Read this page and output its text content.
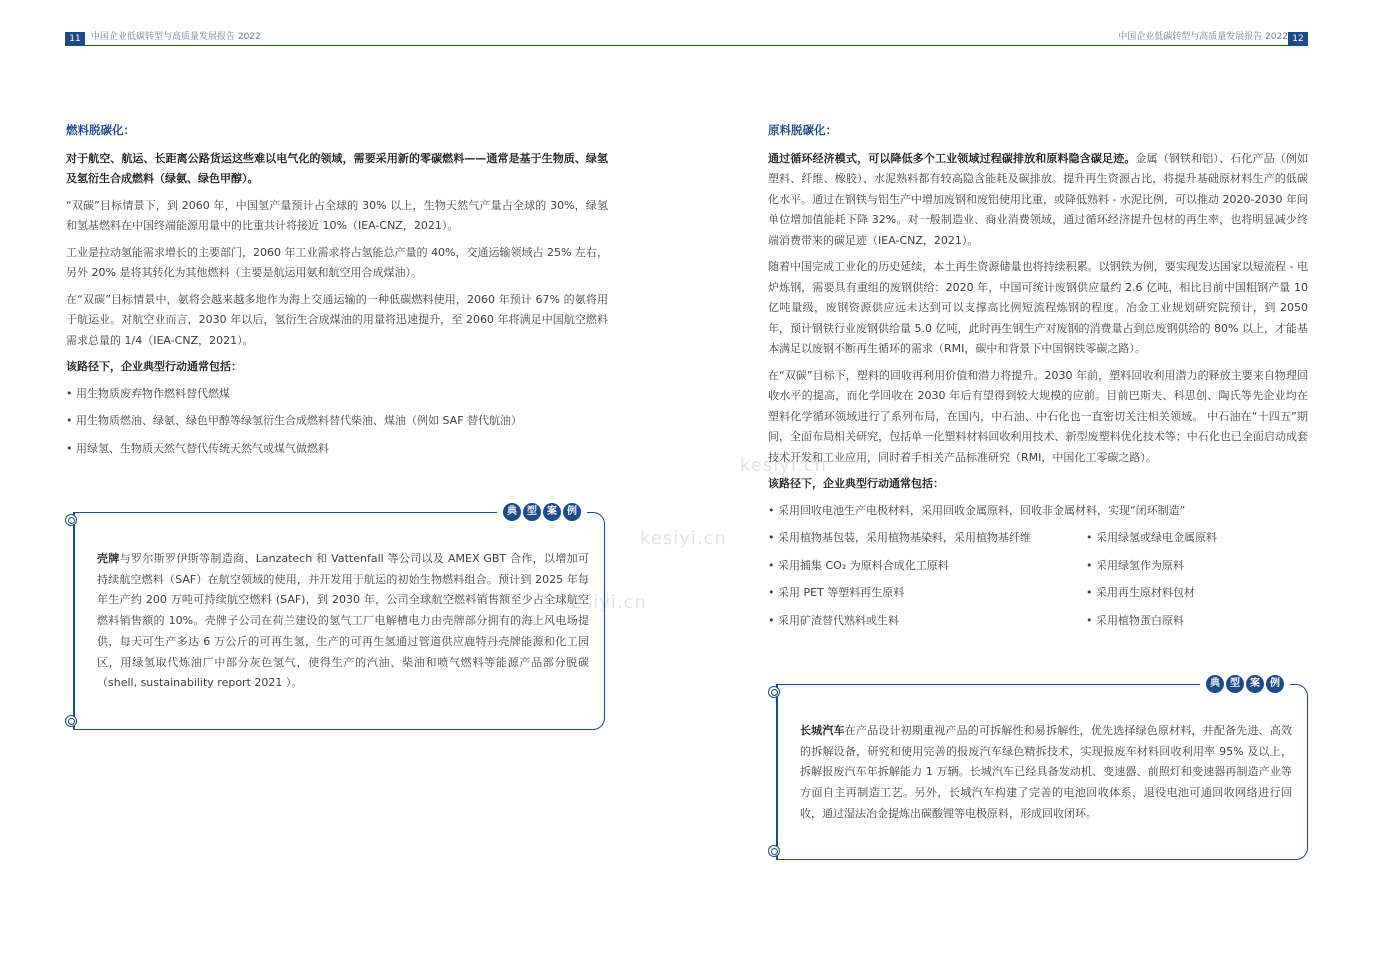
11	中国企业低碳转型与高质量发展报告 2022	中国企业低碳转型与高质量发展报告 2022 12
kesiyi.cn
kesiyi.cn
kesiyi.cn
燃料脱碳化：

对于航空、航运、长距离公路货运这些难以电气化的领域，需要采用新的零碳燃料——通常是基于生物质、绿氢及氢衍生合成燃料（绿氨、绿色甲醇）。

“双碳”目标情景下，到 2060 年，中国氢产量预计占全球的 30% 以上，生物天然气产量占全球的 30%，绿氢和氢基燃料在中国终端能源用量中的比重共计将接近 10%（IEA-CNZ，2021）。

工业是拉动氢能需求增长的主要部门，2060 年工业需求将占氢能总产量的 40%，交通运输领域占 25% 左右，另外 20% 是将其转化为其他燃料（主要是航运用氨和航空用合成煤油）。

在“双碳”目标情景中，氨将会越来越多地作为海上交通运输的一种低碳燃料使用，2060 年预计 67% 的氨将用于航运业。对航空业而言，2030 年以后，氢衍生合成煤油的用量将迅速提升，至 2060 年将满足中国航空燃料需求总量的 1/4（IEA-CNZ，2021）。

该路径下，企业典型行动通常包括：

• 用生物质废弃物作燃料替代燃煤
• 用生物质燃油、绿氨、绿色甲醇等绿氢衍生合成燃料替代柴油、煤油（例如 SAF 替代航油）
• 用绿氢、生物质天然气替代传统天然气或煤气做燃料
典	型	案	例
壳牌与罗尔斯罗伊斯等制造商、Lanzatech 和 Vattenfall 等公司以及 AMEX GBT 合作，以增加可持续航空燃料（SAF）在航空领域的使用，并开发用于航运的初始生物燃料组合。预计到 2025 年每年生产约 200 万吨可持续航空燃料 (SAF)，到 2030 年，公司全球航空燃料销售额至少占全球航空燃料销售额的 10%。壳牌子公司在荷兰建设的氢气工厂电解槽电力由壳牌部分拥有的海上风电场提供，每天可生产多达 6 万公斤的可再生氢，生产的可再生氢通过管道供应鹿特丹壳牌能源和化工园区，用绿氢取代炼油厂中部分灰色氢气，使得生产的汽油、柴油和喷气燃料等能源产品部分脱碳（shell, sustainability report 2021 ）。
原料脱碳化：

通过循环经济模式，可以降低多个工业领域过程碳排放和原料隐含碳足迹。金属（钢铁和铝）、石化产品（例如塑料、纤维、橡胶）、水泥熟料都有较高隐含能耗及碳排放。提升再生资源占比，将提升基础原材料生产的低碳化水平。通过在钢铁与铝生产中增加废钢和废铝使用比重，或降低熟料 - 水泥比例，可以推动 2020-2030 年间单位增加值能耗下降 32%。对一般制造业、商业消费领域，通过循环经济提升包材的再生率，也将明显减少终端消费带来的碳足迹（IEA-CNZ，2021）。

随着中国完成工业化的历史延续，本土再生资源储量也将持续积累。以钢铁为例，要实现发达国家以短流程 - 电炉炼钢，需要具有重组的废钢供给：2020 年，中国可统计废钢供应量约 2.6 亿吨，相比目前中国粗钢产量 10 亿吨量级，废钢资源供应远未达到可以支撑高比例短流程炼钢的程度。冶金工业规划研究院预计，到 2050 年，预计钢铁行业废钢供给量 5.0 亿吨，此时再生钢生产对废钢的消费量占到总废钢供给的 80% 以上，才能基本满足以废钢不断再生循环的需求（RMI，碳中和背景下中国钢铁零碳之路）。

在“双碳”目标下，塑料的回收再利用价值和潜力将提升。2030 年前，塑料回收利用潜力的释放主要来自物理回收水平的提高，而化学回收在 2030 年后有望得到较大规模的应前。目前巴斯夫、科思创、陶氏等先企业均在塑料化学循环领域进行了系列布局，在国内，中石油、中石化也一直密切关注相关领域。 中石油在“十四五”期间，全面布局相关研究，包括单一化塑料材料回收利用技术、新型废塑料优化技术等；中石化也已全面启动成套技术开发和工业应用，同时着手相关产品标准研究（RMI，中国化工零碳之路）。

该路径下，企业典型行动通常包括：

• 采用回收电池生产电极材料，采用回收金属原料，回收非金属材料，实现“闭环制造”
• 采用植物基包装，采用植物基染料，采用植物基纤维	• 采用绿氢或绿电金属原料
• 采用捕集 CO₂ 为原料合成化工原料	• 采用绿氢作为原料
• 采用 PET 等塑料再生原料	• 采用再生原材料包材
• 采用矿渣替代熟料或生料	• 采用植物蛋白原料
典	型	案	例
长城汽车在产品设计初期重视产品的可拆解性和易拆解性，优先选择绿色原材料，并配备先进、高效的拆解设备，研究和使用完善的报废汽车绿色精拆技术，实现报废车材料回收利用率 95% 及以上，拆解报废汽车年拆解能力 1 万辆。长城汽车已经具备发动机、变速器、前照灯和变速器再制造产业等方面自主再制造工艺。另外，长城汽车构建了完善的电池回收体系，退役电池可通回收网络进行回收，通过湿法冶金提炼出碳酸锂等电极原料，形成回收闭环。
